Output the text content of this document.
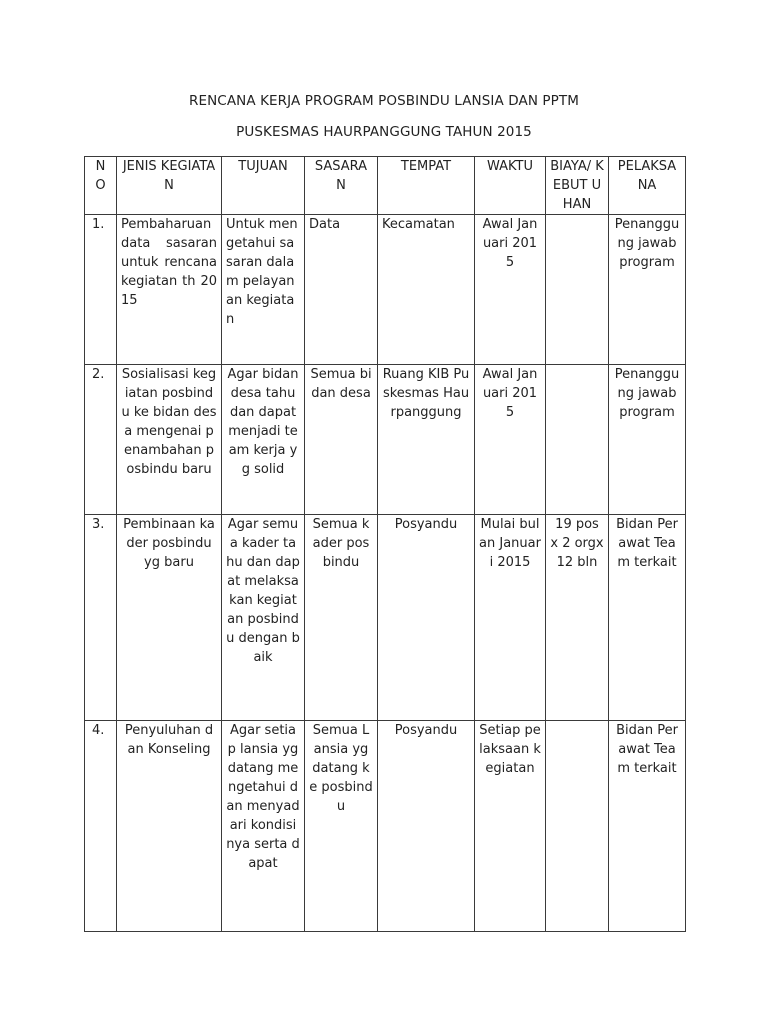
RENCANA KERJA PROGRAM POSBINDU LANSIA DAN PPTM
PUSKESMAS HAURPANGGUNG TAHUN 2015
N O	JENIS KEGIATAN	TUJUAN	SASARA N	TEMPAT	WAKTU	BIAYA/ KEBUT UHAN	PELAKSA NA
1.	Pembaharuan data sasaran untuk rencana kegiatan th 2015	Untuk mengetahui sasaran dalam pelayanan kegiatan	Data	Kecamatan	Awal Januari 2015		Penanggung jawab program
2.	Sosialisasi kegiatan posbindu ke bidan desa mengenai penambahan posbindu baru	Agar bidan desa tahu dan dapat menjadi team kerja yg solid	Semua bidan desa	Ruang KIB Puskesmas Haurpanggung	Awal Januari 2015		Penanggung jawab program
3.	Pembinaan kader posbindu yg baru	Agar semua kader tahu dan dapat melaksakan kegiatan posbindu dengan baik	Semua kader posbindu	Posyandu	Mulai bulan Januari 2015	19 pos x 2 orgx 12 bln	Bidan Perawat Team terkait
4.	Penyuluhan dan Konseling	Agar setiap lansia yg datang mengetahui dan menyadari kondisinya serta dapat	Semua Lansia yg datang ke posbindu	Posyandu	Setiap pelaksaan kegiatan		Bidan Perawat Team terkait
